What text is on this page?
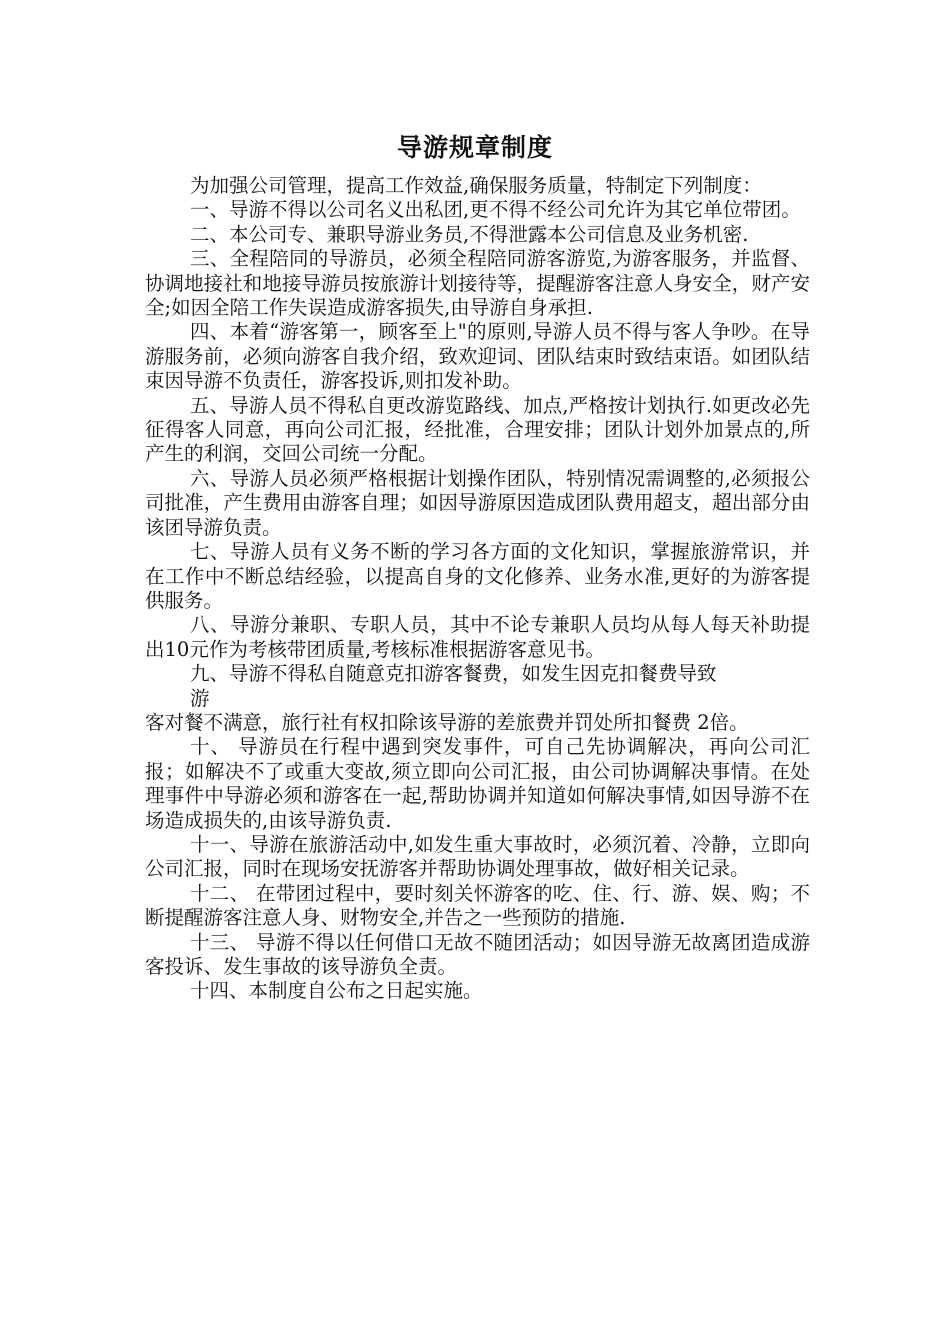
导游规章制度

为加强公司管理，提高工作效益,确保服务质量，特制定下列制度：

一、导游不得以公司名义出私团,更不得不经公司允许为其它单位带团。

二、本公司专、兼职导游业务员,不得泄露本公司信息及业务机密.

三、全程陪同的导游员，必须全程陪同游客游览,为游客服务，并监督、协调地接社和地接导游员按旅游计划接待等，提醒游客注意人身安全，财产安全;如因全陪工作失误造成游客损失,由导游自身承担.

四、本着“游客第一，顾客至上"的原则,导游人员不得与客人争吵。在导游服务前，必须向游客自我介绍，致欢迎词、团队结束时致结束语。如团队结束因导游不负责任，游客投诉,则扣发补助。

五、导游人员不得私自更改游览路线、加点,严格按计划执行.如更改必先征得客人同意，再向公司汇报，经批准，合理安排；团队计划外加景点的,所产生的利润，交回公司统一分配。

六、导游人员必须严格根据计划操作团队，特别情况需调整的,必须报公司批准，产生费用由游客自理；如因导游原因造成团队费用超支，超出部分由该团导游负责。

七、导游人员有义务不断的学习各方面的文化知识，掌握旅游常识，并在工作中不断总结经验，以提高自身的文化修养、业务水准,更好的为游客提供服务。

八、导游分兼职、专职人员，其中不论专兼职人员均从每人每天补助提出10元作为考核带团质量,考核标准根据游客意见书。

九、导游不得私自随意克扣游客餐费，如发生因克扣餐费导致

游

客对餐不满意，旅行社有权扣除该导游的差旅费并罚处所扣餐费 2倍。

十、 导游员在行程中遇到突发事件，可自己先协调解决，再向公司汇报；如解决不了或重大变故,须立即向公司汇报，由公司协调解决事情。在处理事件中导游必须和游客在一起,帮助协调并知道如何解决事情,如因导游不在场造成损失的,由该导游负责.

十一、导游在旅游活动中,如发生重大事故时，必须沉着、冷静，立即向公司汇报，同时在现场安抚游客并帮助协调处理事故，做好相关记录。

十二、 在带团过程中，要时刻关怀游客的吃、住、行、游、娱、购；不断提醒游客注意人身、财物安全,并告之一些预防的措施.

十三、 导游不得以任何借口无故不随团活动；如因导游无故离团造成游客投诉、发生事故的该导游负全责。

十四、本制度自公布之日起实施。
